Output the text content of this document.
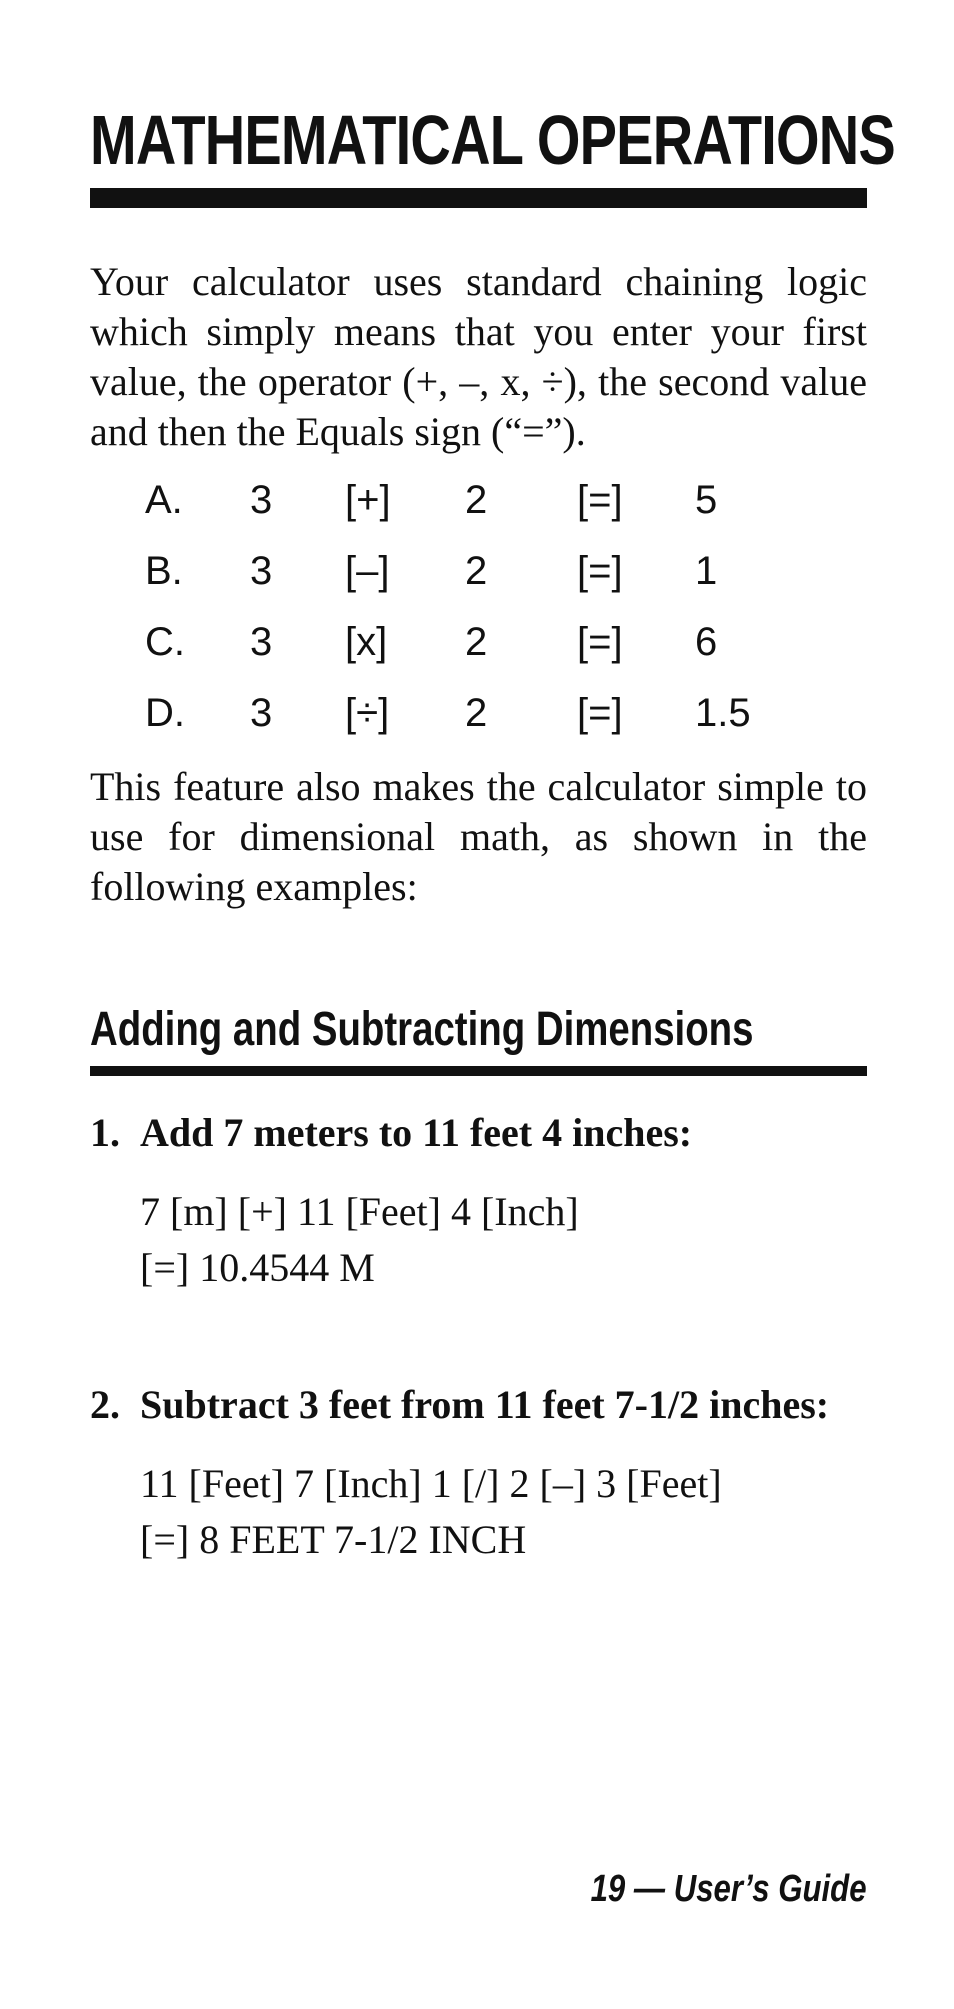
MATHEMATICAL OPERATIONS

Your calculator uses standard chaining logic which simply means that you enter your first value, the operator (+, –, x, ÷), the second value and then the Equals sign (“=”).

A. 3 [+] 2 [=] 5
B. 3 [–] 2 [=] 1
C. 3 [x] 2 [=] 6
D. 3 [÷] 2 [=] 1.5

This feature also makes the calculator simple to use for dimensional math, as shown in the following examples:

Adding and Subtracting Dimensions
1. Add 7 meters to 11 feet 4 inches:
7 [m] [+] 11 [Feet] 4 [Inch]
[=] 10.4544 M
2. Subtract 3 feet from 11 feet 7-1/2 inches:
11 [Feet] 7 [Inch] 1 [/] 2 [–] 3 [Feet]
[=] 8 FEET 7-1/2 INCH
19 — User’s Guide
